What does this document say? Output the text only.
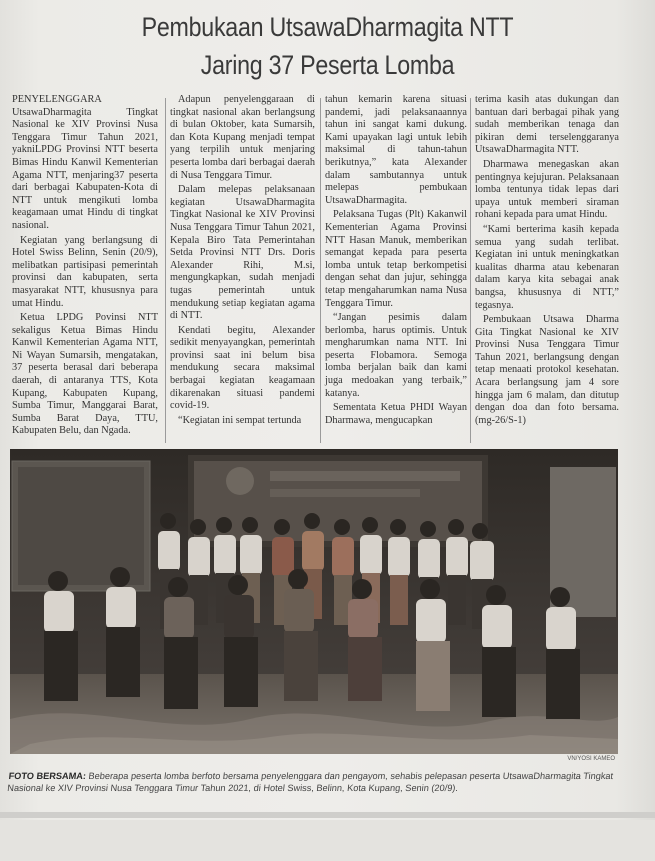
Pembukaan UtsawaDharmagita NTT
Jaring 37 Peserta Lomba

PENYELENGGARA UtsawaDharmagita Tingkat Nasional ke XIV Provinsi Nusa Tenggara Timur Tahun 2021, yakniLPDG Provinsi NTT beserta Bimas Hindu Kanwil Kementerian Agama NTT, menjaring37 peserta dari berbagai Kabupaten-Kota di NTT untuk mengikuti lomba keagamaan umat Hindu di tingkat nasional.

Kegiatan yang berlangsung di Hotel Swiss Belinn, Senin (20/9), melibatkan partisipasi pemerintah provinsi dan kabupaten, serta masyarakat NTT, khususnya para umat Hindu.

Ketua LPDG Povinsi NTT sekaligus Ketua Bimas Hindu Kanwil Kementerian Agama NTT, Ni Wayan Sumarsih, mengatakan, 37 peserta berasal dari beberapa daerah, di antaranya TTS, Kota Kupang, Kabupaten Kupang, Sumba Timur, Manggarai Barat, Sumba Barat Daya, TTU, Kabupaten Belu, dan Ngada.

Adapun penyelenggaraan di tingkat nasional akan berlangsung di bulan Oktober, kata Sumarsih, dan Kota Kupang menjadi tempat yang terpilih untuk menjaring peserta lomba dari berbagai daerah di Nusa Tenggara Timur.

Dalam melepas pelaksanaan kegiatan UtsawaDharmagita Tingkat Nasional ke XIV Provinsi Nusa Tenggara Timur Tahun 2021, Kepala Biro Tata Pemerintahan Setda Provinsi NTT Drs. Doris Alexander Rihi, M.si, mengungkapkan, sudah menjadi tugas pemerintah untuk mendukung setiap kegiatan agama di NTT.

Kendati begitu, Alexander sedikit menyayangkan, pemerintah provinsi saat ini belum bisa mendukung secara maksimal berbagai kegiatan keagamaan dikarenakan situasi pandemi covid-19.

“Kegiatan ini sempat tertunda

tahun kemarin karena situasi pandemi, jadi pelaksanaannya tahun ini sangat kami dukung. Kami upayakan lagi untuk lebih maksimal di tahun-tahun berikutnya,” kata Alexander dalam sambutannya untuk melepas pembukaan UtsawaDharmagita.

Pelaksana Tugas (Plt) Kakanwil Kementerian Agama Provinsi NTT Hasan Manuk, memberikan semangat kepada para peserta lomba untuk tetap berkompetisi dengan sehat dan jujur, sehingga tetap mengaharumkan nama Nusa Tenggara Timur.

“Jangan pesimis dalam berlomba, harus optimis. Untuk mengharumkan nama NTT. Ini peserta Flobamora. Semoga lomba berjalan baik dan kami juga medoakan yang terbaik,” katanya.

Sementata Ketua PHDI Wayan Dharmawa, mengucapkan

terima kasih atas dukungan dan bantuan dari berbagai pihak yang sudah memberikan tenaga dan pikiran demi terselenggaranya UtsawaDharmagita NTT.

Dharmawa menegaskan akan pentingnya kejujuran. Pelaksanaan lomba tentunya tidak lepas dari upaya untuk memberi siraman rohani kepada para umat Hindu.

“Kami berterima kasih kepada semua yang sudah terlibat. Kegiatan ini untuk meningkatkan kualitas dharma atau kebenaran dalam karya kita sebagai anak bangsa, khususnya di NTT,” tegasnya.

Pembukaan Utsawa Dharma Gita Tingkat Nasional ke XIV Provinsi Nusa Tenggara Timur Tahun 2021, berlangsung dengan tetap menaati protokol kesehatan. Acara berlangsung jam 4 sore hingga jam 6 malam, dan ditutup dengan doa dan foto bersama. (mg-26/S-1)

VN/YOSI KAMEO
FOTO BERSAMA: Beberapa peserta lomba berfoto bersama penyelenggara dan pengayom, sehabis pelepasan peserta UtsawaDharmagita Tingkat Nasional ke XIV Provinsi Nusa Tenggara Timur Tahun 2021, di Hotel Swiss, Belinn, Kota Kupang, Senin (20/9).
